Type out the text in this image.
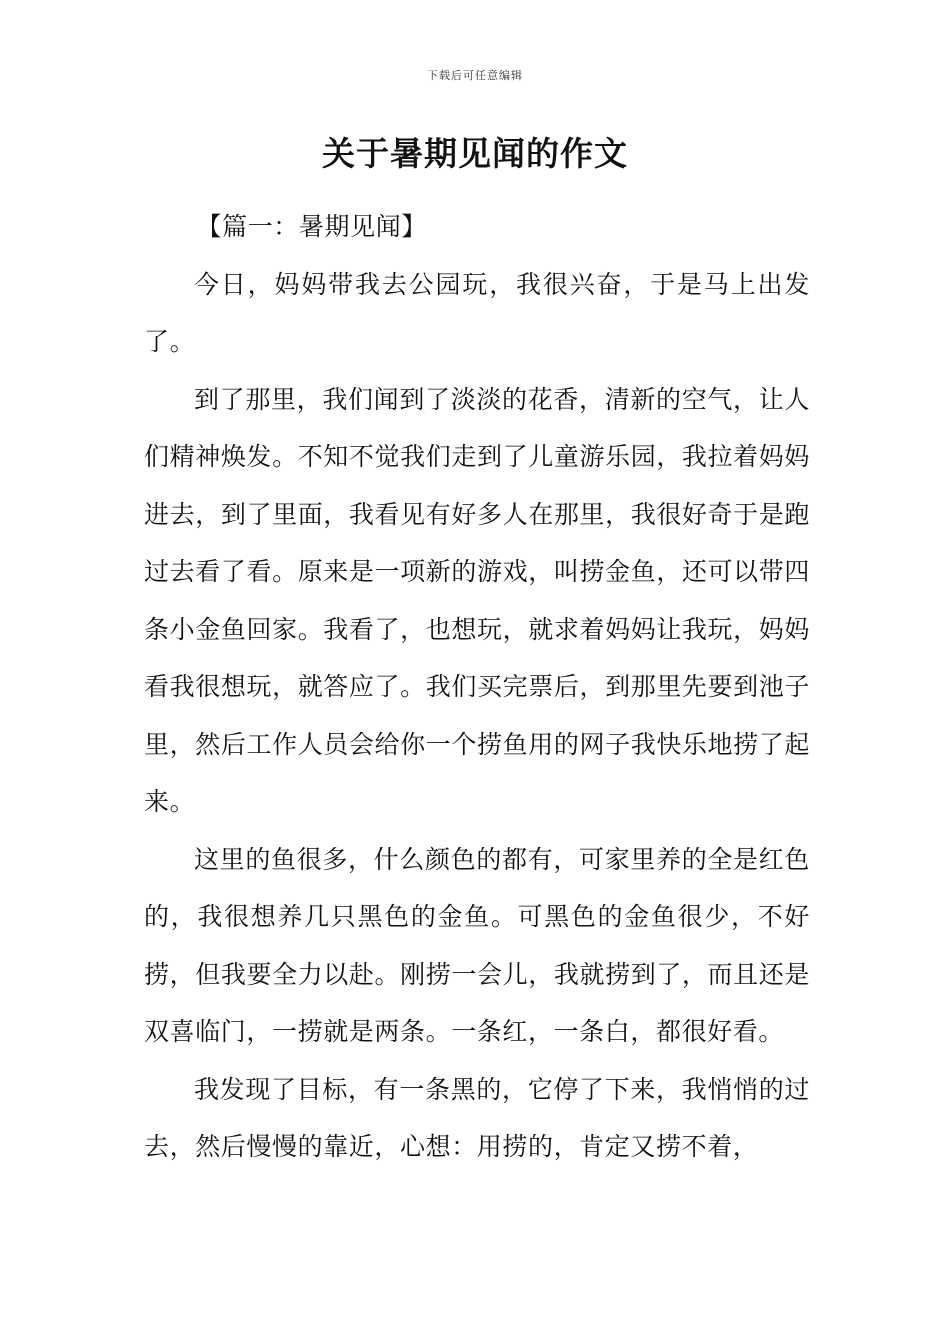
下载后可任意编辑
关于暑期见闻的作文

【篇一：暑期见闻】

今日，妈妈带我去公园玩，我很兴奋，于是马上出发了。

到了那里，我们闻到了淡淡的花香，清新的空气，让人们精神焕发。不知不觉我们走到了儿童游乐园，我拉着妈妈进去，到了里面，我看见有好多人在那里，我很好奇于是跑过去看了看。原来是一项新的游戏，叫捞金鱼，还可以带四条小金鱼回家。我看了，也想玩，就求着妈妈让我玩，妈妈看我很想玩，就答应了。我们买完票后，到那里先要到池子里，然后工作人员会给你一个捞鱼用的网子我快乐地捞了起来。

这里的鱼很多，什么颜色的都有，可家里养的全是红色的，我很想养几只黑色的金鱼。可黑色的金鱼很少，不好捞，但我要全力以赴。刚捞一会儿，我就捞到了，而且还是双喜临门，一捞就是两条。一条红，一条白，都很好看。

我发现了目标，有一条黑的，它停了下来，我悄悄的过去，然后慢慢的靠近，心想：用捞的，肯定又捞不着，
